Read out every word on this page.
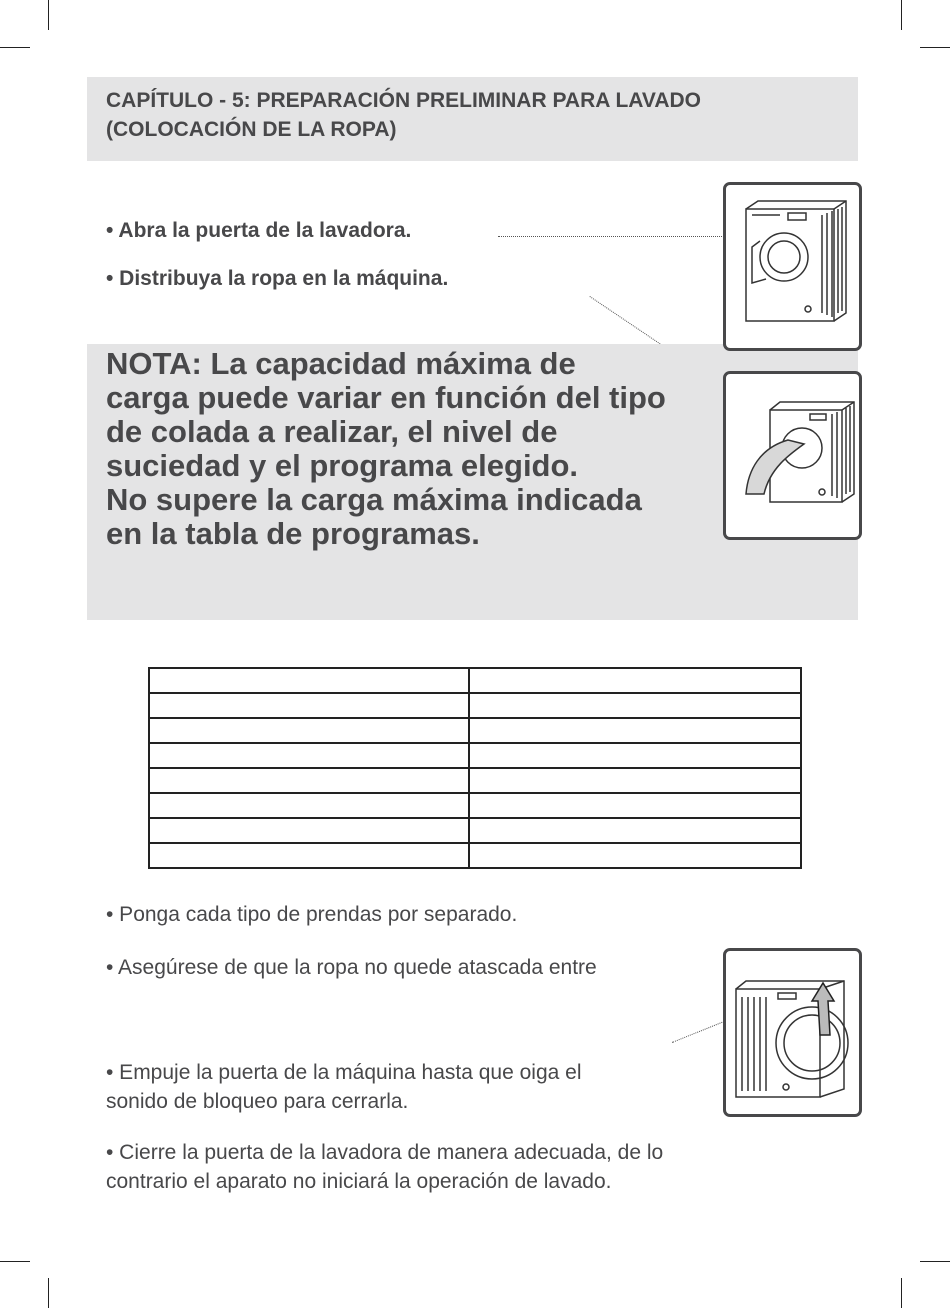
CAPÍTULO - 5: PREPARACIÓN PRELIMINAR PARA LAVADO
(COLOCACIÓN DE LA ROPA)
• Abra la puerta de la lavadora.
• Distribuya la ropa en la máquina.
NOTA: La capacidad máxima de
carga puede variar en función del tipo
de colada a realizar, el nivel de
suciedad y el programa elegido.
No supere la carga máxima indicada
en la tabla de programas.

• Ponga cada tipo de prendas por separado.
• Asegúrese de que la ropa no quede atascada entre
• Empuje la puerta de la máquina hasta que oiga el
sonido de bloqueo para cerrarla.
• Cierre la puerta de la lavadora de manera adecuada, de lo
contrario el aparato no iniciará la operación de lavado.
